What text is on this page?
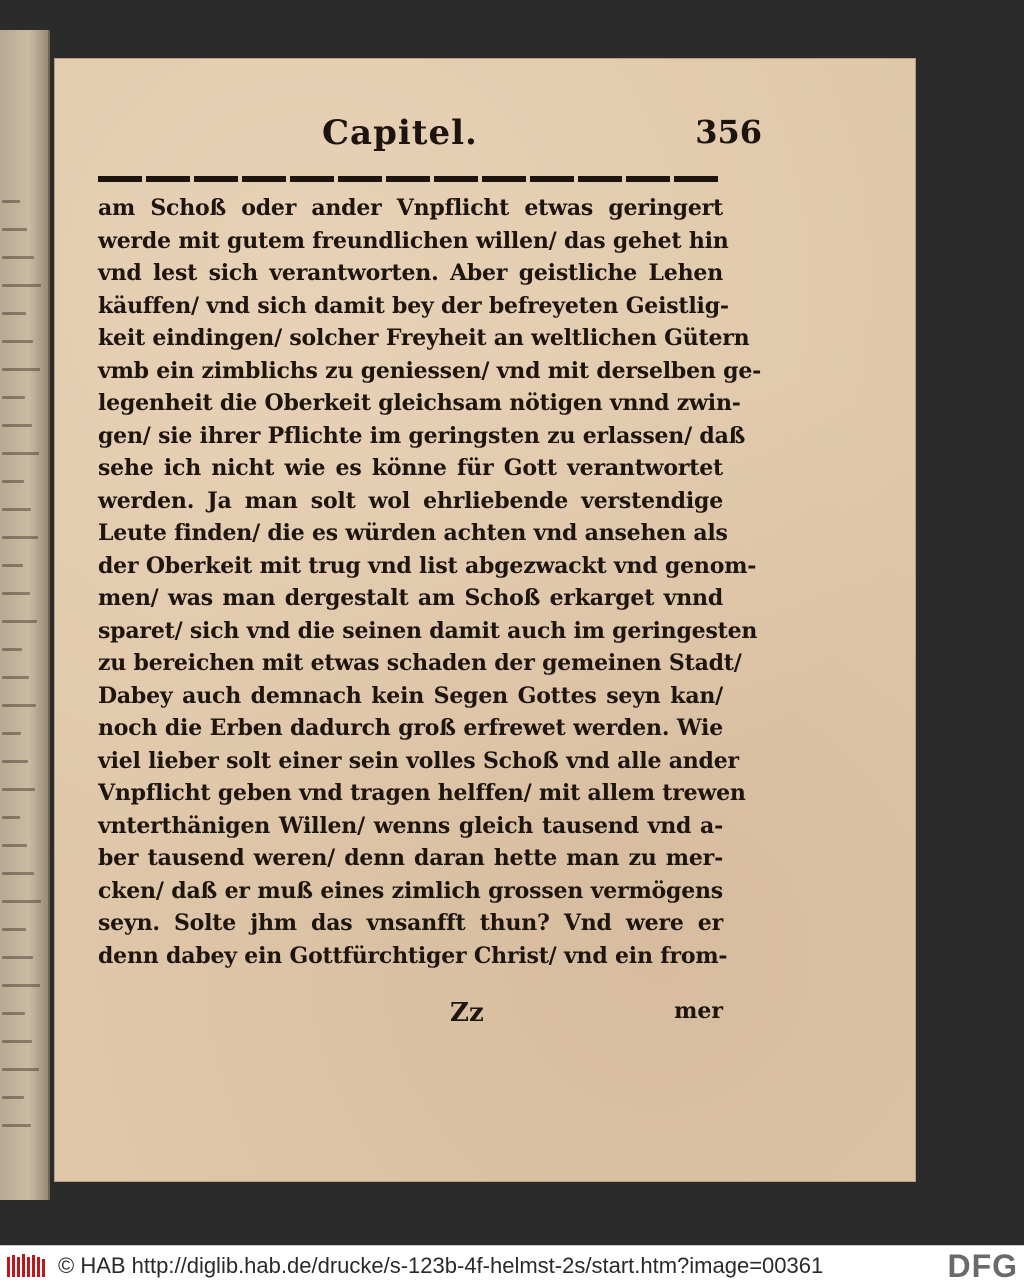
Capitel.	356
am Schoß oder ander Vnpflicht etwas geringert
werde mit gutem freundlichen willen/ das gehet hin
vnd lest sich verantworten. Aber geistliche Lehen
käuffen/ vnd sich damit bey der befreyeten Geistlig-
keit eindingen/ solcher Freyheit an weltlichen Gütern
vmb ein zimblichs zu geniessen/ vnd mit derselben ge-
legenheit die Oberkeit gleichsam nötigen vnnd zwin-
gen/ sie ihrer Pflichte im geringsten zu erlassen/ daß
sehe ich nicht wie es könne für Gott verantwortet
werden. Ja man solt wol ehrliebende verstendige
Leute finden/ die es würden achten vnd ansehen als
der Oberkeit mit trug vnd list abgezwackt vnd genom-
men/ was man dergestalt am Schoß erkarget vnnd
sparet/ sich vnd die seinen damit auch im geringesten
zu bereichen mit etwas schaden der gemeinen Stadt/
Dabey auch demnach kein Segen Gottes seyn kan/
noch die Erben dadurch groß erfrewet werden. Wie
viel lieber solt einer sein volles Schoß vnd alle ander
Vnpflicht geben vnd tragen helffen/ mit allem trewen
vnterthänigen Willen/ wenns gleich tausend vnd a-
ber tausend weren/ denn daran hette man zu mer-
cken/ daß er muß eines zimlich grossen vermögens
seyn. Solte jhm das vnsanfft thun? Vnd were er
denn dabey ein Gottfürchtiger Christ/ vnd ein from-
Zz	mer
© HAB http://diglib.hab.de/drucke/s-123b-4f-helmst-2s/start.htm?image=00361	DFG
